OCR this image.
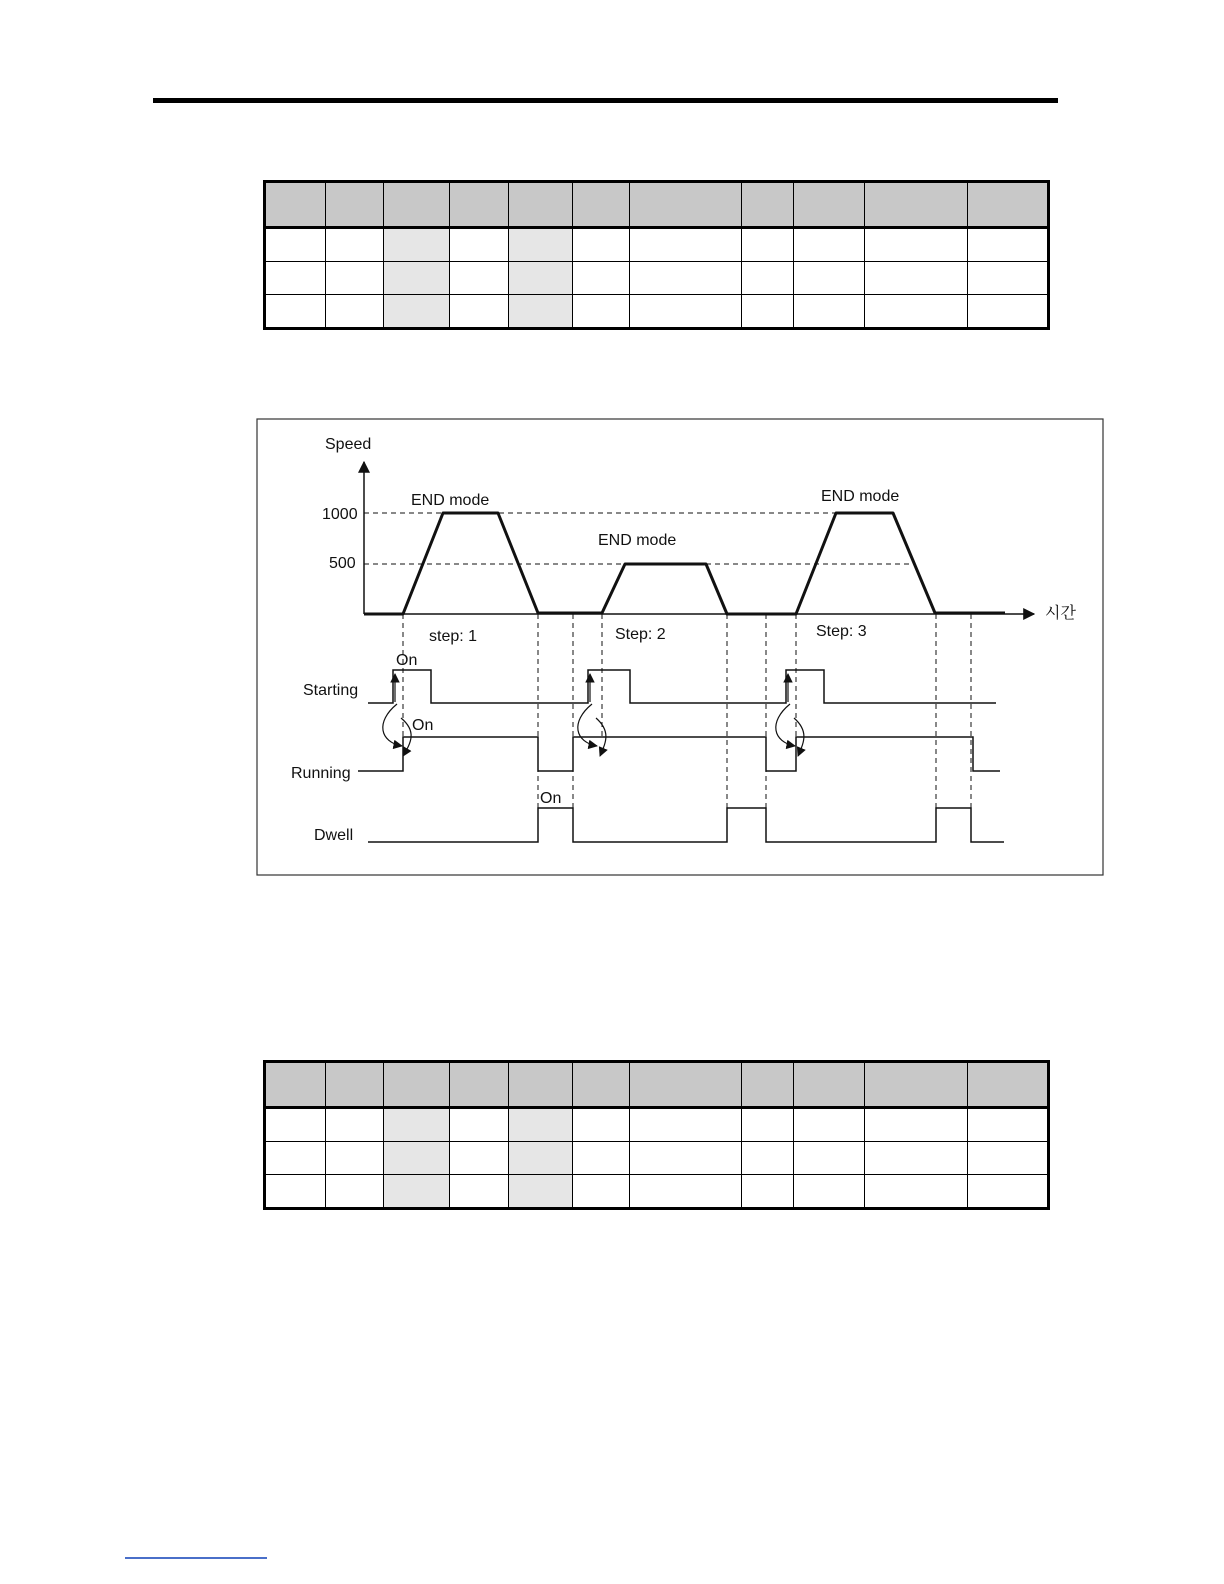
Speed
시간
1000
500
END mode
END mode
END mode
step: 1	Step: 2	Step: 3
Starting
On
Running
On
Dwell
On
